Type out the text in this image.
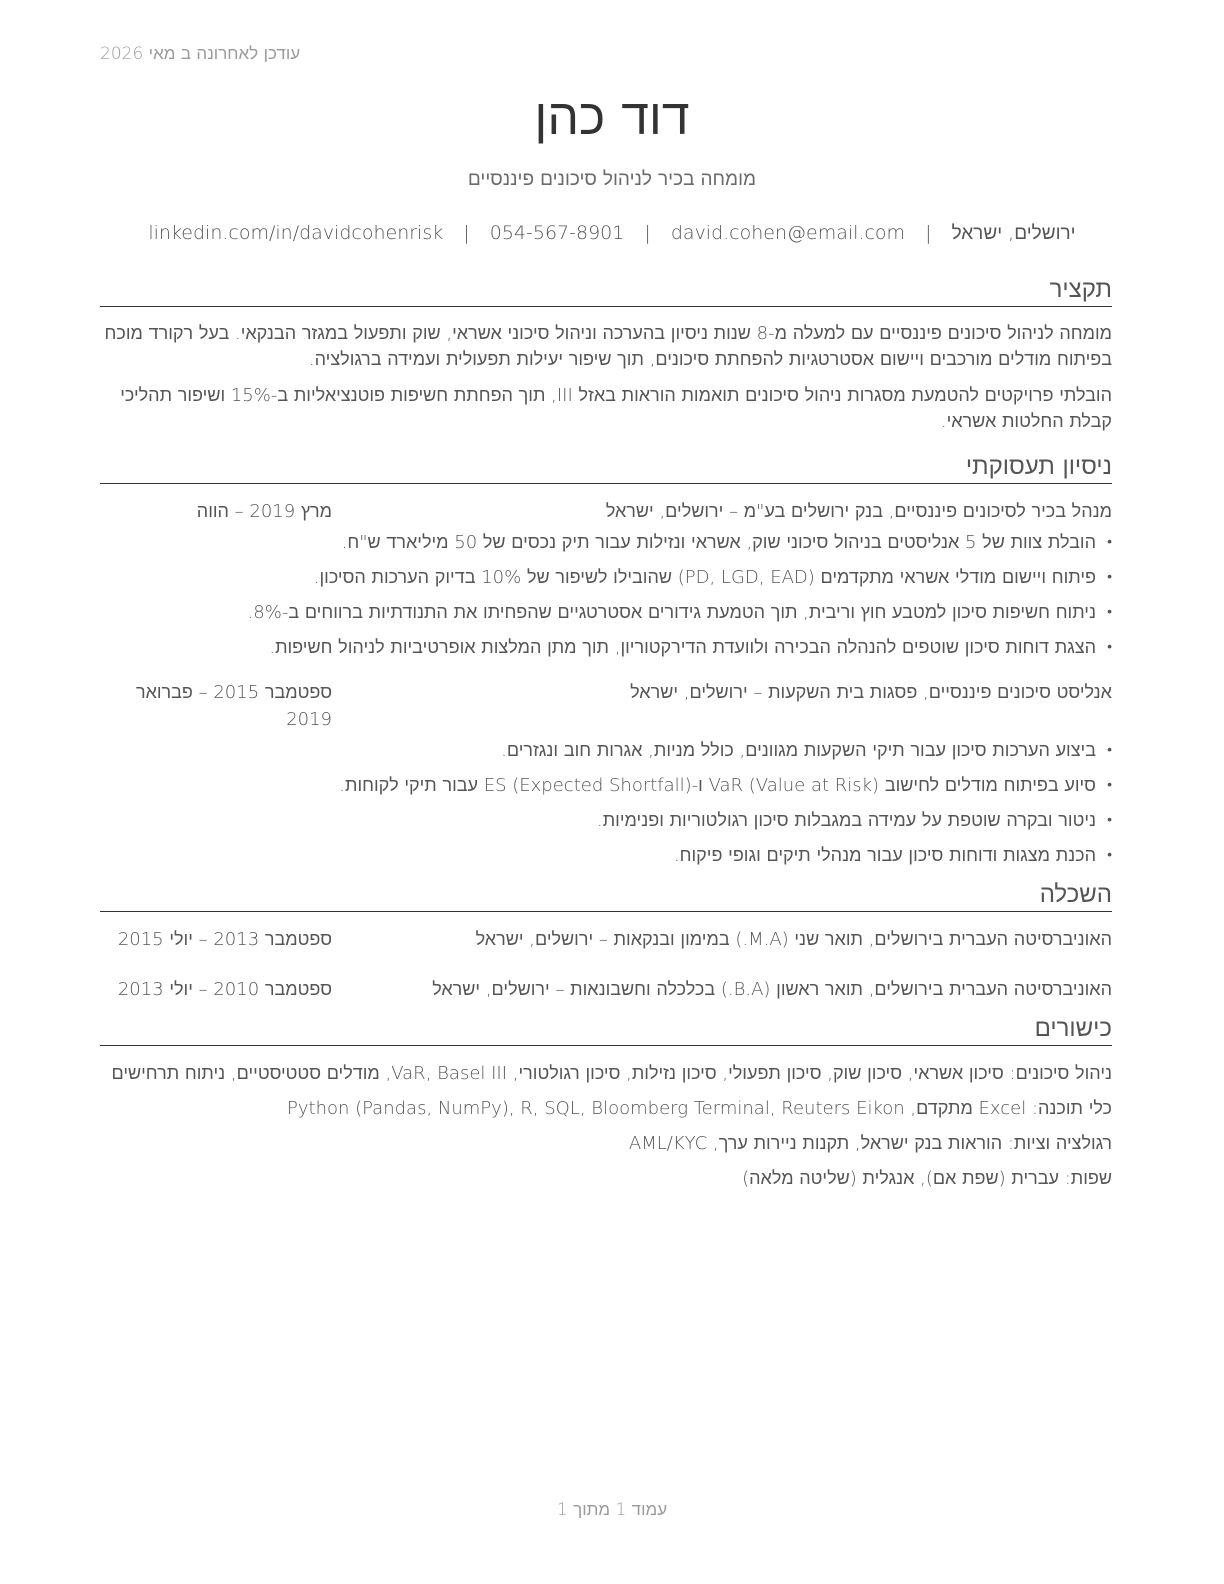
עודכן לאחרונה ב מאי 2026
דוד כהן
מומחה בכיר לניהול סיכונים פיננסיים
ירושלים, ישראל | david.cohen@email.com | 054-567-8901 | linkedin.com/in/davidcohenrisk
תקציר

מומחה לניהול סיכונים פיננסיים עם למעלה מ-8 שנות ניסיון בהערכה וניהול סיכוני אשראי, שוק ותפעול במגזר הבנקאי. בעל רקורד מוכח בפיתוח מודלים מורכבים ויישום אסטרטגיות להפחתת סיכונים, תוך שיפור יעילות תפעולית ועמידה ברגולציה.

הובלתי פרויקטים להטמעת מסגרות ניהול סיכונים תואמות הוראות באזל III, תוך הפחתת חשיפות פוטנציאליות ב-15% ושיפור תהליכי קבלת החלטות אשראי.

ניסיון תעסוקתי
מנהל בכיר לסיכונים פיננסיים, בנק ירושלים בע"מ – ירושלים, ישראל
מרץ 2019 – הווה
• הובלת צוות של 5 אנליסטים בניהול סיכוני שוק, אשראי ונזילות עבור תיק נכסים של 50 מיליארד ש"ח.
• פיתוח ויישום מודלי אשראי מתקדמים (PD, LGD, EAD) שהובילו לשיפור של 10% בדיוק הערכות הסיכון.
• ניתוח חשיפות סיכון למטבע חוץ וריבית, תוך הטמעת גידורים אסטרטגיים שהפחיתו את התנודתיות ברווחים ב-8%.
• הצגת דוחות סיכון שוטפים להנהלה הבכירה ולוועדת הדירקטוריון, תוך מתן המלצות אופרטיביות לניהול חשיפות.
אנליסט סיכונים פיננסיים, פסגות בית השקעות – ירושלים, ישראל
ספטמבר 2015 – פברואר 2019
• ביצוע הערכות סיכון עבור תיקי השקעות מגוונים, כולל מניות, אגרות חוב ונגזרים.
• סיוע בפיתוח מודלים לחישוב VaR (Value at Risk) ו-ES (Expected Shortfall) עבור תיקי לקוחות.
• ניטור ובקרה שוטפת על עמידה במגבלות סיכון רגולטוריות ופנימיות.
• הכנת מצגות ודוחות סיכון עבור מנהלי תיקים וגופי פיקוח.
השכלה
האוניברסיטה העברית בירושלים, תואר שני (M.A.) במימון ובנקאות – ירושלים, ישראל
ספטמבר 2013 – יולי 2015
האוניברסיטה העברית בירושלים, תואר ראשון (B.A.) בכלכלה וחשבונאות – ירושלים, ישראל
ספטמבר 2010 – יולי 2013
כישורים
ניהול סיכונים: סיכון אשראי, סיכון שוק, סיכון תפעולי, סיכון נזילות, סיכון רגולטורי, VaR, Basel III, מודלים סטטיסטיים, ניתוח תרחישים
כלי תוכנה: Excel מתקדם, Python (Pandas, NumPy), R, SQL, Bloomberg Terminal, Reuters Eikon
רגולציה וציות: הוראות בנק ישראל, תקנות ניירות ערך, AML/KYC
שפות: עברית (שפת אם), אנגלית (שליטה מלאה)
עמוד 1 מתוך 1
